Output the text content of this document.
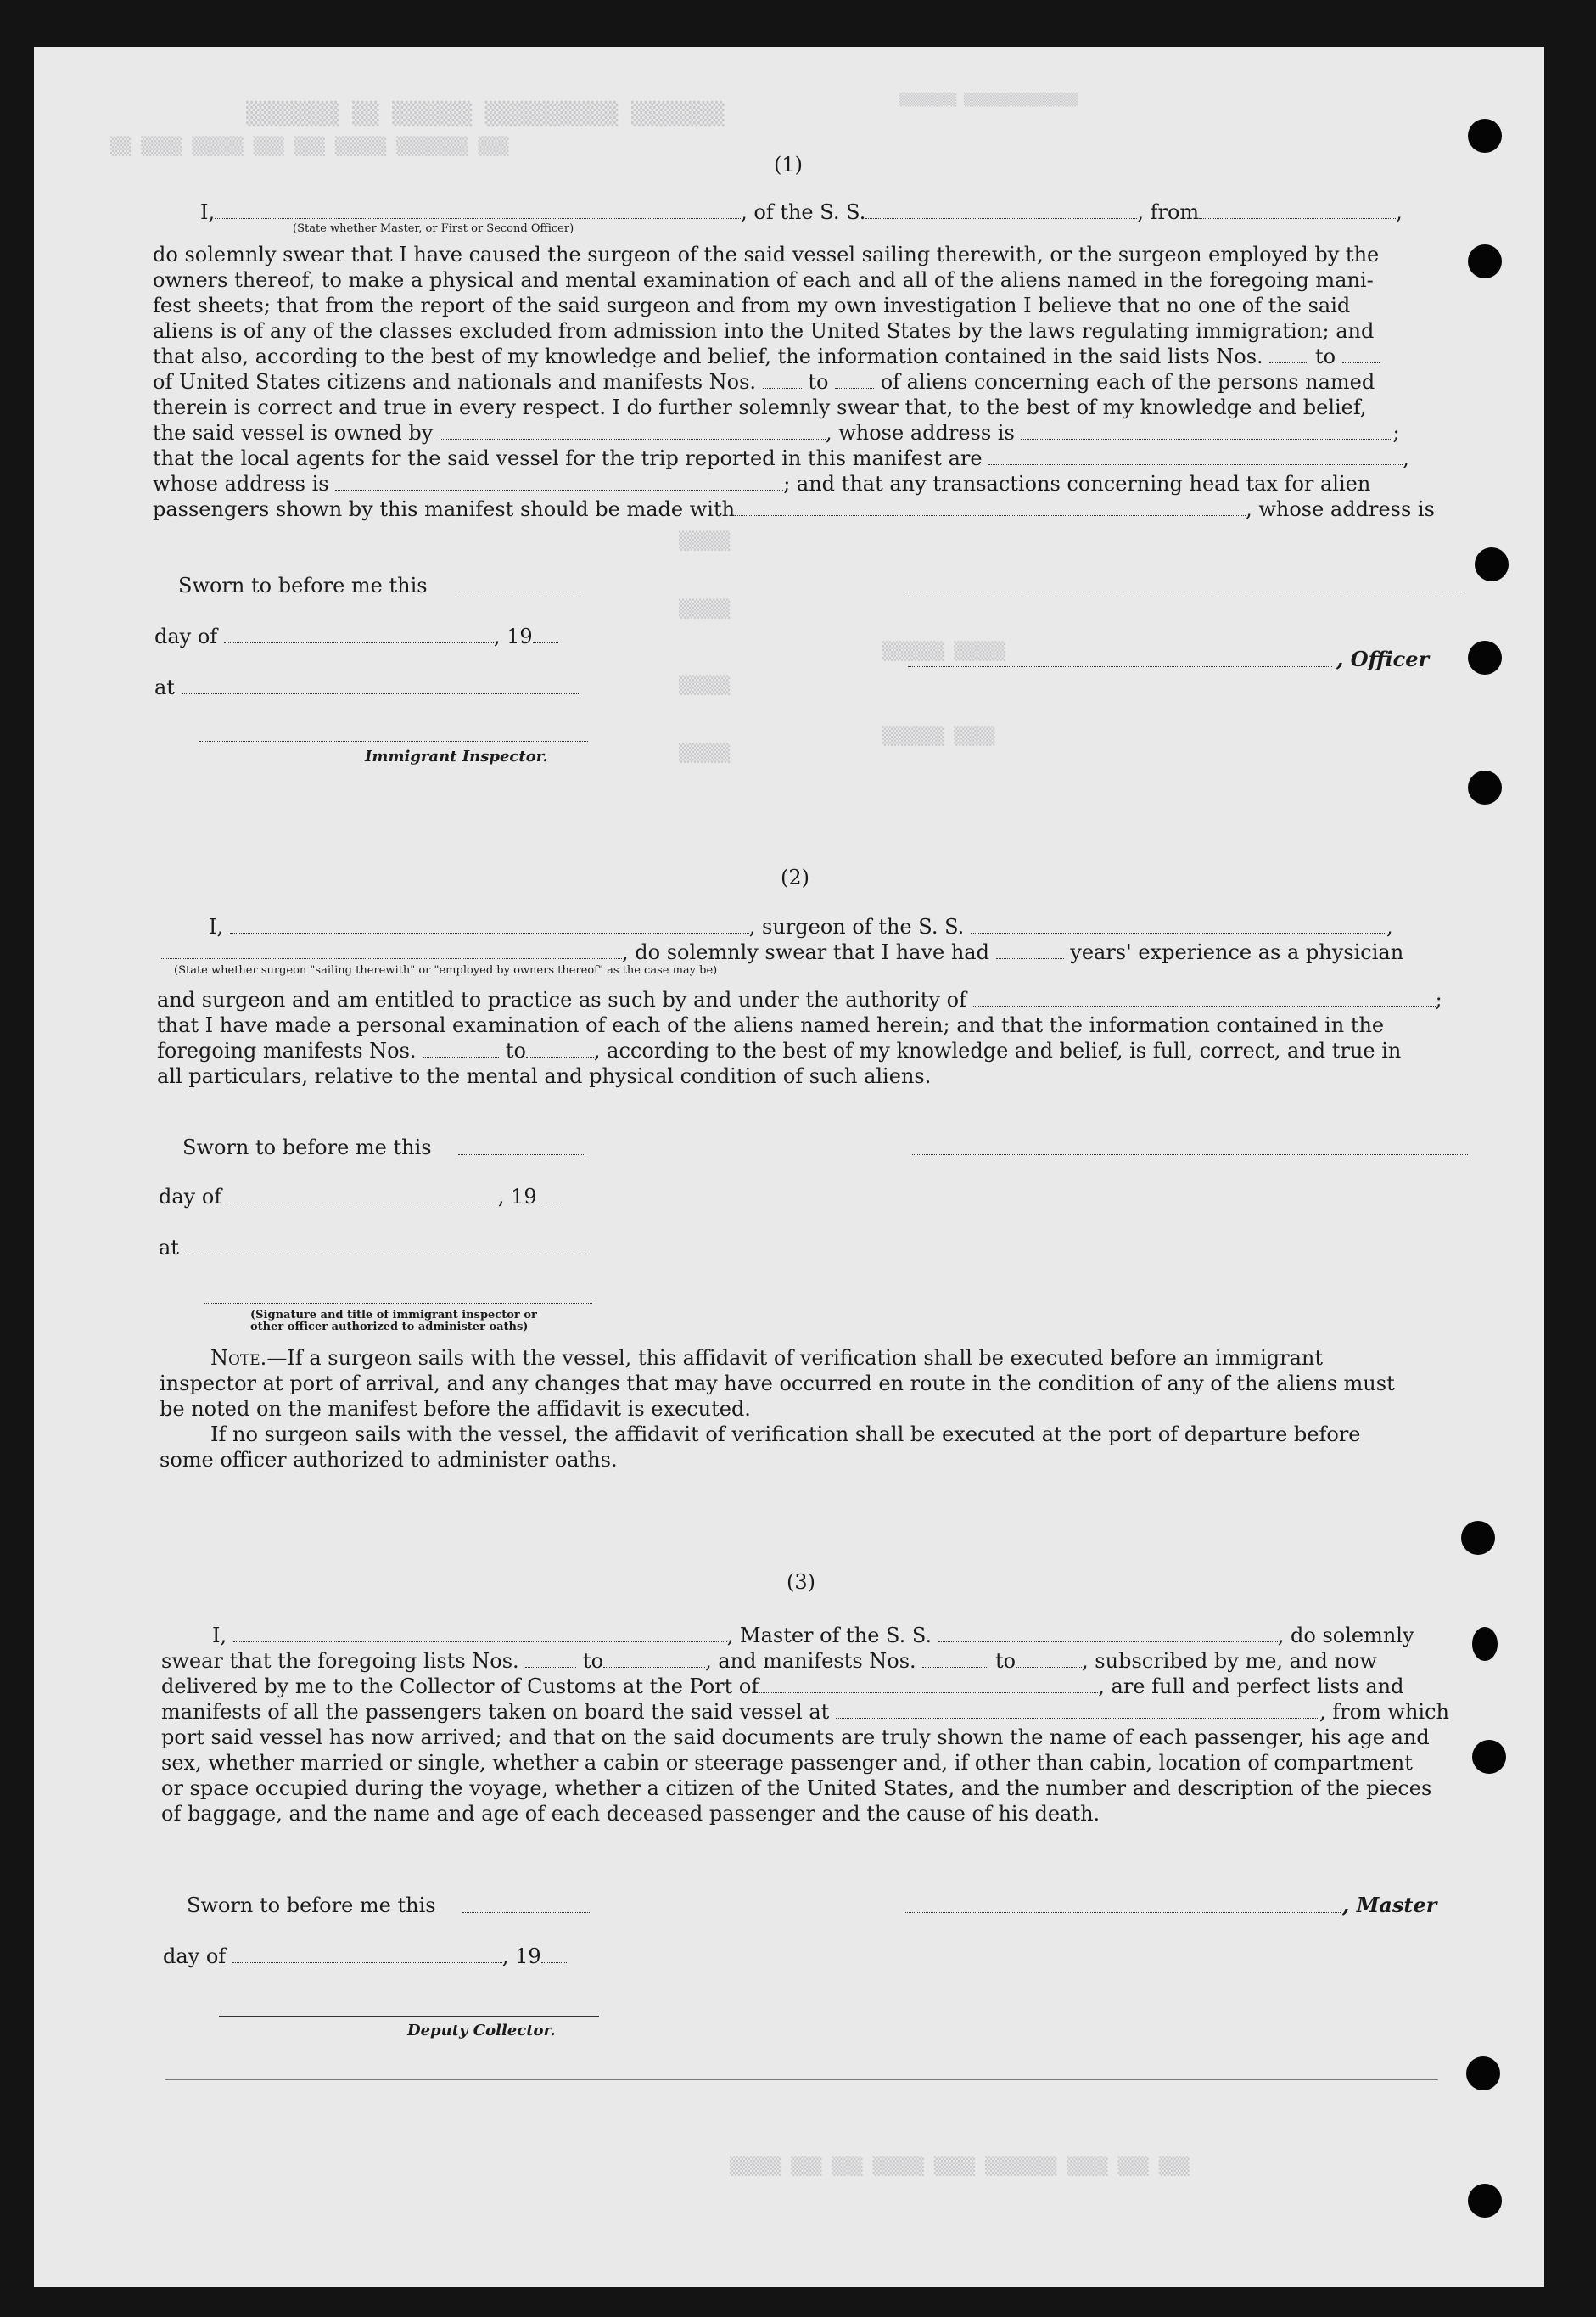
▒▒▒▒▒▒▒ ▒▒ ▒▒▒▒▒▒ ▒▒▒▒▒▒▒▒▒▒ ▒▒▒▒▒▒▒
▒▒ ▒▒▒▒ ▒▒▒▒▒ ▒▒▒ ▒▒▒ ▒▒▒▒▒ ▒▒▒▒▒▒▒ ▒▒▒
▒▒▒▒▒▒▒▒ ▒▒▒▒▒▒▒▒▒▒▒▒▒▒▒▒
▒▒▒▒▒
▒▒▒▒▒
▒▒▒▒▒
▒▒▒▒▒
▒▒▒▒▒▒ ▒▒▒▒▒
▒▒▒▒▒▒ ▒▒▒▒
▒▒▒▒▒ ▒▒▒ ▒▒▒ ▒▒▒▒▒ ▒▒▒▒ ▒▒▒▒▒▒▒ ▒▒▒▒ ▒▒▒ ▒▒▒
(1)

I,	, of the S. S.	, from	,

(State whether Master, or First or Second Officer)

do solemnly swear that I have caused the surgeon of the said vessel sailing therewith, or the surgeon employed by the

owners thereof, to make a physical and mental examination of each and all of the aliens named in the foregoing mani-

fest sheets; that from the report of the said surgeon and from my own investigation I believe that no one of the said

aliens is of any of the classes excluded from admission into the United States by the laws regulating immigration; and

that also, according to the best of my knowledge and belief, the information contained in the said lists Nos.	to

of United States citizens and nationals and manifests Nos.	to	of aliens concerning each of the persons named

therein is correct and true in every respect. I do further solemnly swear that, to the best of my knowledge and belief,

the said vessel is owned by	, whose address is	;

that the local agents for the said vessel for the trip reported in this manifest are	,

whose address is	; and that any transactions concerning head tax for alien

passengers shown by this manifest should be made with	, whose address is

Sworn to before me this

day of	, 19

, Officer

at

Immigrant Inspector.
(2)

I,	, surgeon of the S. S.	,

, do solemnly swear that I have had	years' experience as a physician

(State whether surgeon "sailing therewith" or "employed by owners thereof" as the case may be)

and surgeon and am entitled to practice as such by and under the authority of	;

that I have made a personal examination of each of the aliens named herein; and that the information contained in the

foregoing manifests Nos.	to	, according to the best of my knowledge and belief, is full, correct, and true in

all particulars, relative to the mental and physical condition of such aliens.

Sworn to before me this

day of	, 19

at

(Signature and title of immigrant inspector or
other officer authorized to administer oaths)

Note.—If a surgeon sails with the vessel, this affidavit of verification shall be executed before an immigrant

inspector at port of arrival, and any changes that may have occurred en route in the condition of any of the aliens must

be noted on the manifest before the affidavit is executed.

If no surgeon sails with the vessel, the affidavit of verification shall be executed at the port of departure before

some officer authorized to administer oaths.

(3)

I,	, Master of the S. S.	, do solemnly

swear that the foregoing lists Nos.	to	, and manifests Nos.	to	, subscribed by me, and now

delivered by me to the Collector of Customs at the Port of	, are full and perfect lists and

manifests of all the passengers taken on board the said vessel at	, from which

port said vessel has now arrived; and that on the said documents are truly shown the name of each passenger, his age and

sex, whether married or single, whether a cabin or steerage passenger and, if other than cabin, location of compartment

or space occupied during the voyage, whether a citizen of the United States, and the number and description of the pieces

of baggage, and the name and age of each deceased passenger and the cause of his death.

Sworn to before me this	, Master

day of	, 19

Deputy Collector.
